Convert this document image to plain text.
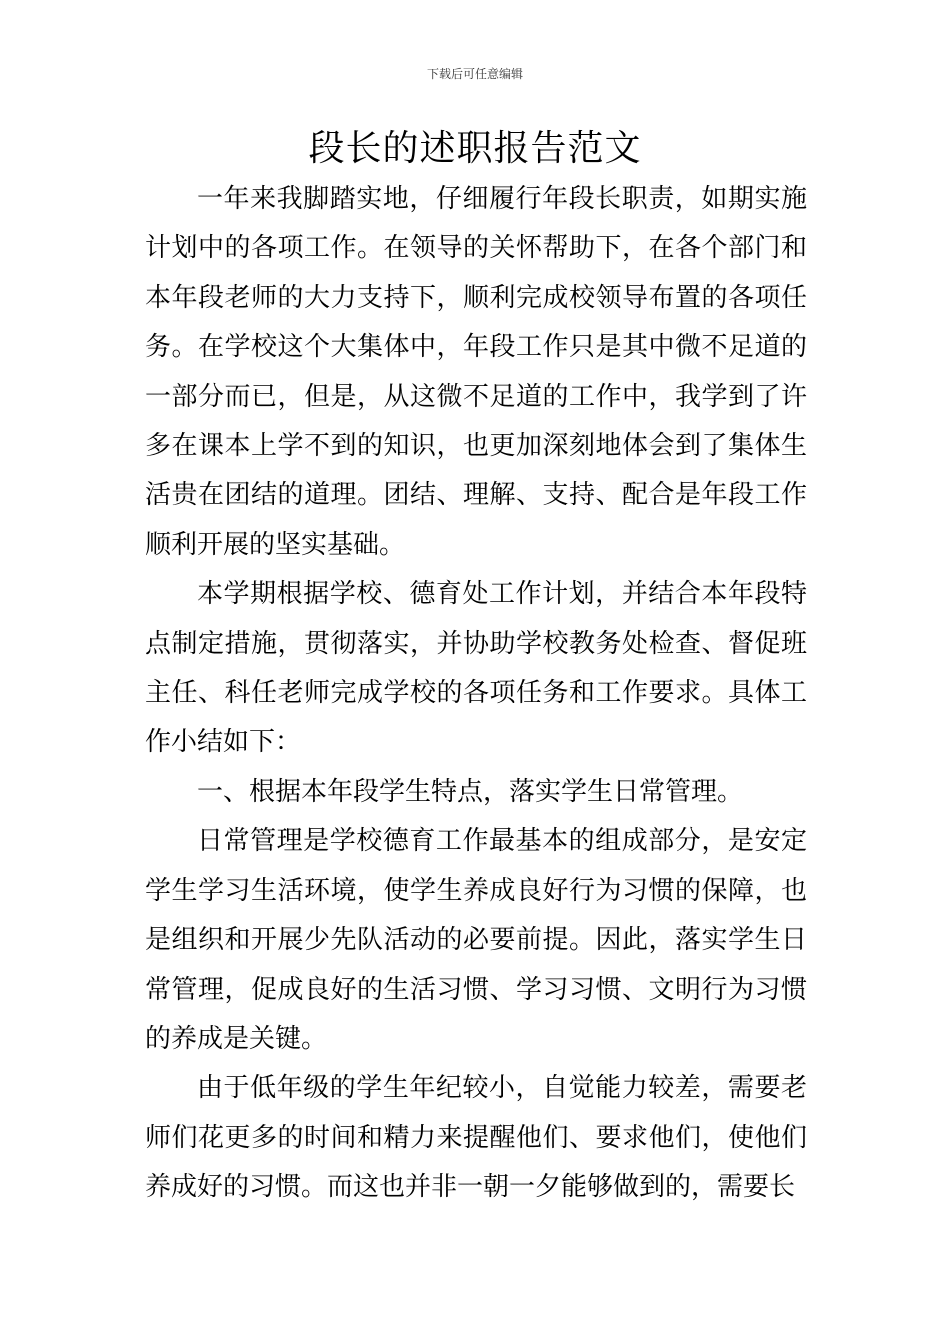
下载后可任意编辑
段长的述职报告范文

一年来我脚踏实地，仔细履行年段长职责，如期实施计划中的各项工作。在领导的关怀帮助下，在各个部门和本年段老师的大力支持下，顺利完成校领导布置的各项任务。在学校这个大集体中，年段工作只是其中微不足道的一部分而已，但是，从这微不足道的工作中，我学到了许多在课本上学不到的知识，也更加深刻地体会到了集体生活贵在团结的道理。团结、理解、支持、配合是年段工作顺利开展的坚实基础。

本学期根据学校、德育处工作计划，并结合本年段特点制定措施，贯彻落实，并协助学校教务处检查、督促班主任、科任老师完成学校的各项任务和工作要求。具体工作小结如下：

一、根据本年段学生特点，落实学生日常管理。

日常管理是学校德育工作最基本的组成部分，是安定学生学习生活环境，使学生养成良好行为习惯的保障，也是组织和开展少先队活动的必要前提。因此，落实学生日常管理，促成良好的生活习惯、学习习惯、文明行为习惯的养成是关键。

由于低年级的学生年纪较小，自觉能力较差，需要老师们花更多的时间和精力来提醒他们、要求他们，使他们养成好的习惯。而这也并非一朝一夕能够做到的，需要长
